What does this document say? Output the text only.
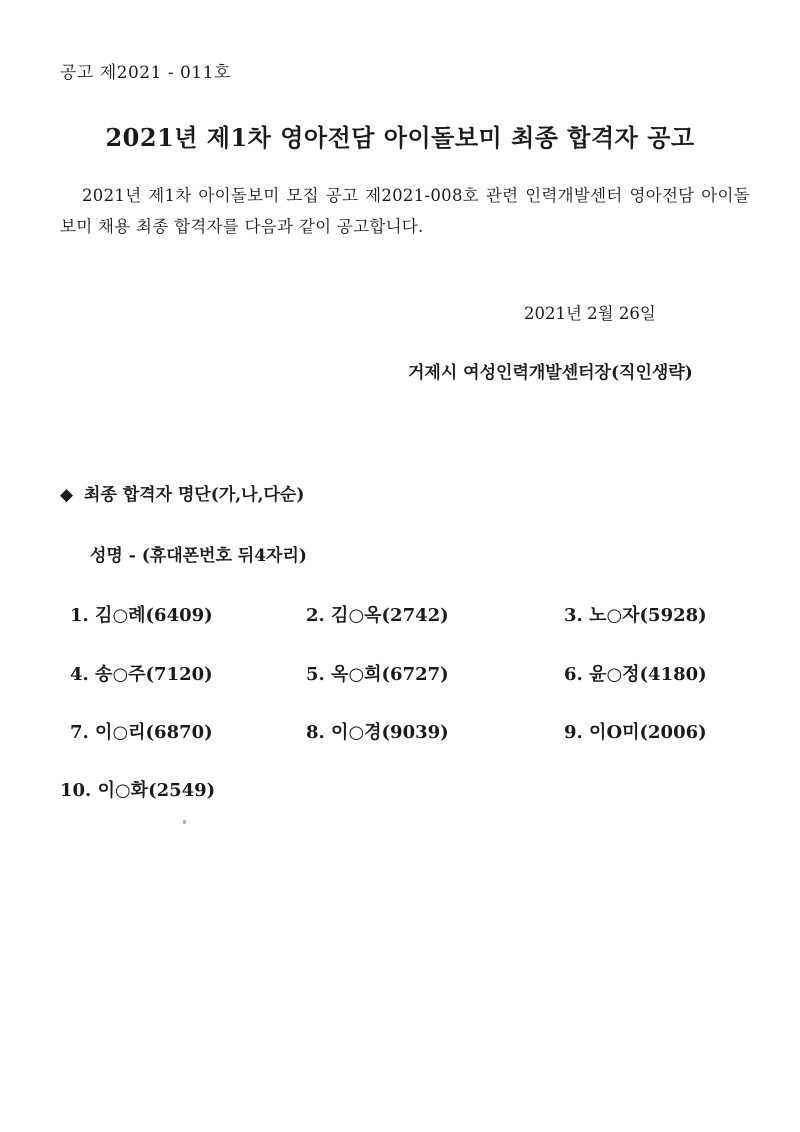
공고 제2021 - 011호
2021년 제1차 영아전담 아이돌보미 최종 합격자 공고
2021년 제1차 아이돌보미 모집 공고 제2021-008호 관련 인력개발센터 영아전담 아이돌보미 채용 최종 합격자를 다음과 같이 공고합니다.
2021년 2월 26일
거제시 여성인력개발센터장(직인생략)
◆ 최종 합격자 명단(가,나,다순)
성명 - (휴대폰번호 뒤4자리)
1. 김○례(6409)	2. 김○옥(2742)	3. 노○자(5928)
4. 송○주(7120)	5. 옥○희(6727)	6. 윤○정(4180)
7. 이○리(6870)	8. 이○경(9039)	9. 이O미(2006)
10. 이○화(2549)
